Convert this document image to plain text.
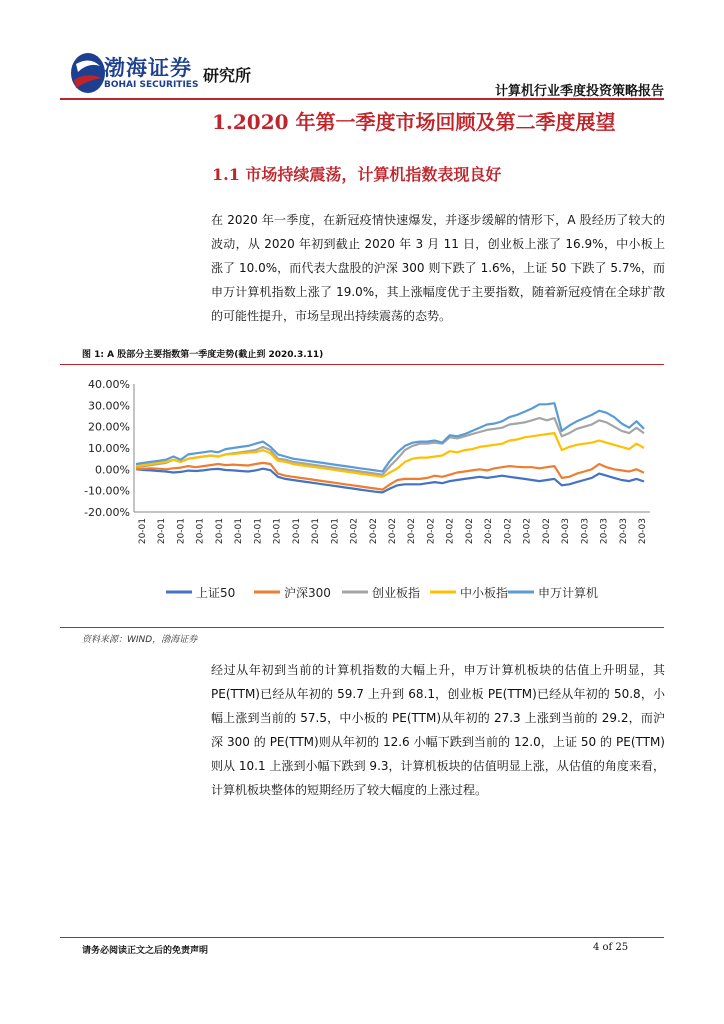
渤海证券
BOHAI SECURITIES 研究所
计算机行业季度投资策略报告
1.2020 年第一季度市场回顾及第二季度展望
1.1 市场持续震荡，计算机指数表现良好
在 2020 年一季度，在新冠疫情快速爆发，并逐步缓解的情形下，A 股经历了较大的波动，从 2020 年初到截止 2020 年 3 月 11 日，创业板上涨了 16.9%，中小板上涨了 10.0%，而代表大盘股的沪深 300 则下跌了 1.6%，上证 50 下跌了 5.7%，而申万计算机指数上涨了 19.0%，其上涨幅度优于主要指数，随着新冠疫情在全球扩散的可能性提升，市场呈现出持续震荡的态势。
图 1: A 股部分主要指数第一季度走势(截止到 2020.3.11)
40.00%
30.00%
20.00%
10.00%
0.00%
-10.00%
-20.00%
20-01 20-01 20-01 20-01 20-01 20-01 20-01 20-01 20-01 20-01 20-01 20-02 20-02 20-02 20-02 20-02 20-02 20-02 20-02 20-02 20-02 20-02 20-03 20-03 20-03 20-03 20-03
上证50	沪深300	创业板指	中小板指 申万计算机
资料来源：WIND，渤海证券
经过从年初到当前的计算机指数的大幅上升，申万计算机板块的估值上升明显，其 PE(TTM)已经从年初的 59.7 上升到 68.1，创业板 PE(TTM)已经从年初的 50.8，小幅上涨到当前的 57.5，中小板的 PE(TTM)从年初的 27.3 上涨到当前的 29.2，而沪深 300 的 PE(TTM)则从年初的 12.6 小幅下跌到当前的 12.0，上证 50 的 PE(TTM)则从 10.1 上涨到小幅下跌到 9.3，计算机板块的估值明显上涨，从估值的角度来看，计算机板块整体的短期经历了较大幅度的上涨过程。
请务必阅读正文之后的免责声明	4 of 25
